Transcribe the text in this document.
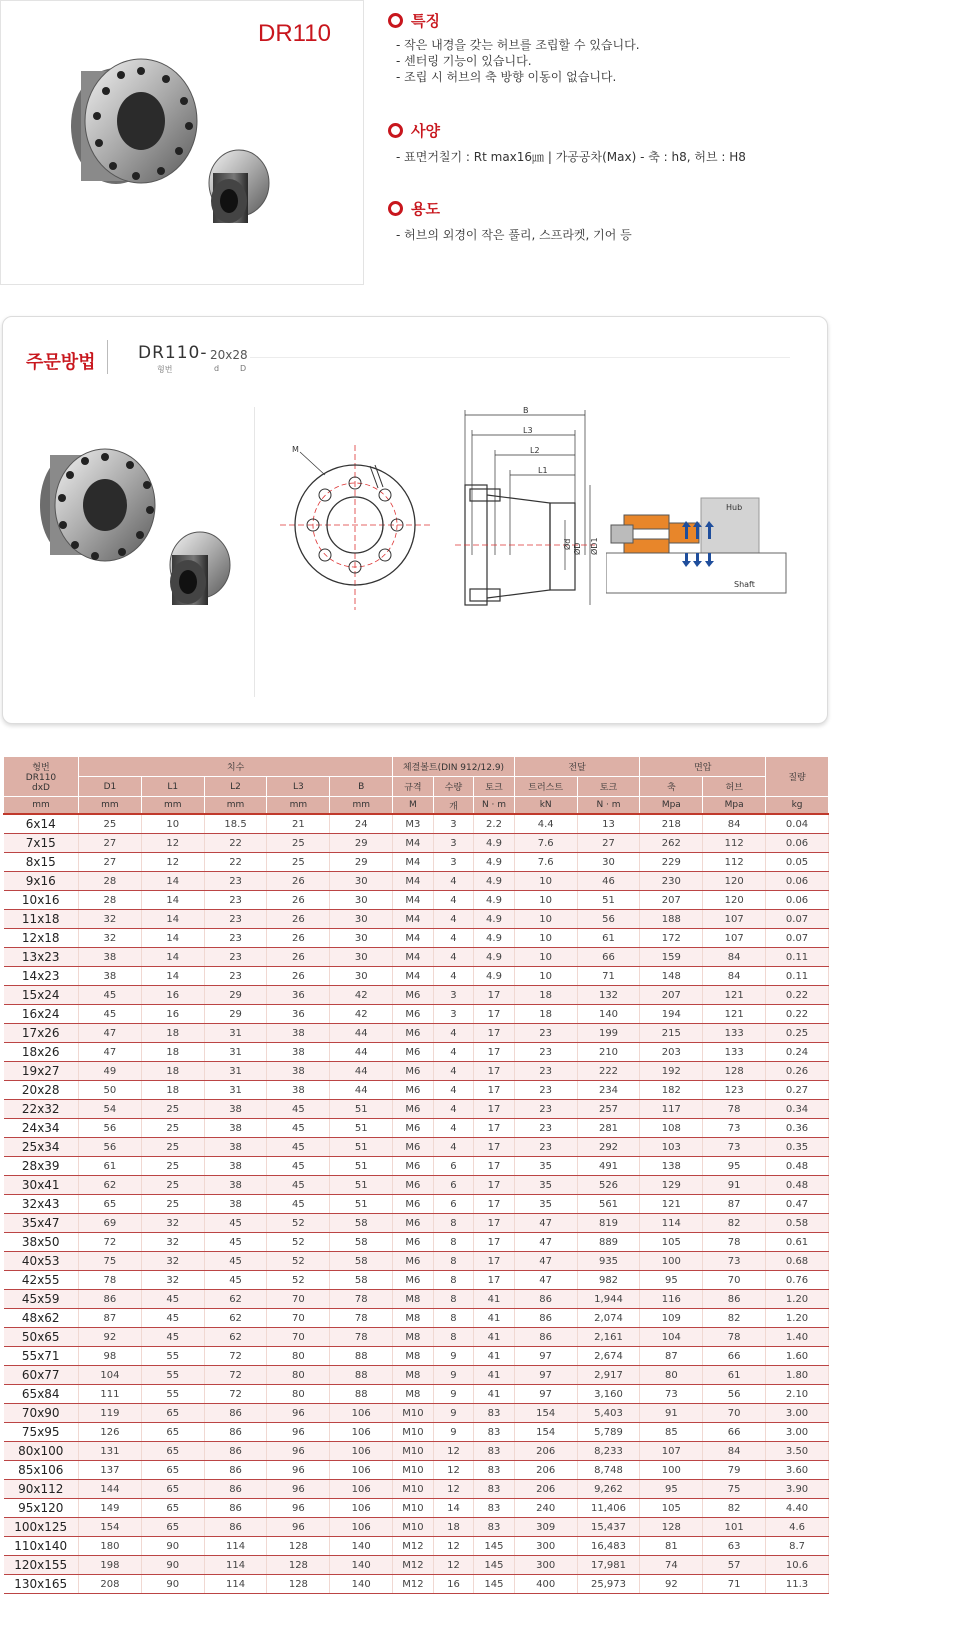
DR110	특징
- 작은 내경을 갖는 허브를 조립할 수 있습니다.
- 센터링 기능이 있습니다.
- 조립 시 허브의 축 방향 이동이 없습니다.
사양
- 표면거칠기 : Rt max16㎛ | 가공공차(Max) - 축 : h8, 허브 : H8
용도
- 허브의 외경이 작은 풀리, 스프라켓, 기어 등
주문방법 DR110- 20x28
형번	d	D
M
B
L3
L2
L1
Ød ØD ØD1
Hub
Shaft
형번
DR110
dxD	치수					체결볼트(DIN 912/12.9)			전달		면압		질량
	D1	L1	L2	L3	B	규격	수량	토크	트러스트	토크	축	허브	
mm	mm	mm	mm	mm	mm	M	개	N · m	kN	N · m	Mpa	Mpa	kg
6x14	25	10	18.5	21	24	M3	3	2.2	4.4	13	218	84	0.04
7x15	27	12	22	25	29	M4	3	4.9	7.6	27	262	112	0.06
8x15	27	12	22	25	29	M4	3	4.9	7.6	30	229	112	0.05
9x16	28	14	23	26	30	M4	4	4.9	10	46	230	120	0.06
10x16	28	14	23	26	30	M4	4	4.9	10	51	207	120	0.06
11x18	32	14	23	26	30	M4	4	4.9	10	56	188	107	0.07
12x18	32	14	23	26	30	M4	4	4.9	10	61	172	107	0.07
13x23	38	14	23	26	30	M4	4	4.9	10	66	159	84	0.11
14x23	38	14	23	26	30	M4	4	4.9	10	71	148	84	0.11
15x24	45	16	29	36	42	M6	3	17	18	132	207	121	0.22
16x24	45	16	29	36	42	M6	3	17	18	140	194	121	0.22
17x26	47	18	31	38	44	M6	4	17	23	199	215	133	0.25
18x26	47	18	31	38	44	M6	4	17	23	210	203	133	0.24
19x27	49	18	31	38	44	M6	4	17	23	222	192	128	0.26
20x28	50	18	31	38	44	M6	4	17	23	234	182	123	0.27
22x32	54	25	38	45	51	M6	4	17	23	257	117	78	0.34
24x34	56	25	38	45	51	M6	4	17	23	281	108	73	0.36
25x34	56	25	38	45	51	M6	4	17	23	292	103	73	0.35
28x39	61	25	38	45	51	M6	6	17	35	491	138	95	0.48
30x41	62	25	38	45	51	M6	6	17	35	526	129	91	0.48
32x43	65	25	38	45	51	M6	6	17	35	561	121	87	0.47
35x47	69	32	45	52	58	M6	8	17	47	819	114	82	0.58
38x50	72	32	45	52	58	M6	8	17	47	889	105	78	0.61
40x53	75	32	45	52	58	M6	8	17	47	935	100	73	0.68
42x55	78	32	45	52	58	M6	8	17	47	982	95	70	0.76
45x59	86	45	62	70	78	M8	8	41	86	1,944	116	86	1.20
48x62	87	45	62	70	78	M8	8	41	86	2,074	109	82	1.20
50x65	92	45	62	70	78	M8	8	41	86	2,161	104	78	1.40
55x71	98	55	72	80	88	M8	9	41	97	2,674	87	66	1.60
60x77	104	55	72	80	88	M8	9	41	97	2,917	80	61	1.80
65x84	111	55	72	80	88	M8	9	41	97	3,160	73	56	2.10
70x90	119	65	86	96	106	M10	9	83	154	5,403	91	70	3.00
75x95	126	65	86	96	106	M10	9	83	154	5,789	85	66	3.00
80x100	131	65	86	96	106	M10	12	83	206	8,233	107	84	3.50
85x106	137	65	86	96	106	M10	12	83	206	8,748	100	79	3.60
90x112	144	65	86	96	106	M10	12	83	206	9,262	95	75	3.90
95x120	149	65	86	96	106	M10	14	83	240	11,406	105	82	4.40
100x125	154	65	86	96	106	M10	18	83	309	15,437	128	101	4.6
110x140	180	90	114	128	140	M12	12	145	300	16,483	81	63	8.7
120x155	198	90	114	128	140	M12	12	145	300	17,981	74	57	10.6
130x165	208	90	114	128	140	M12	16	145	400	25,973	92	71	11.3
